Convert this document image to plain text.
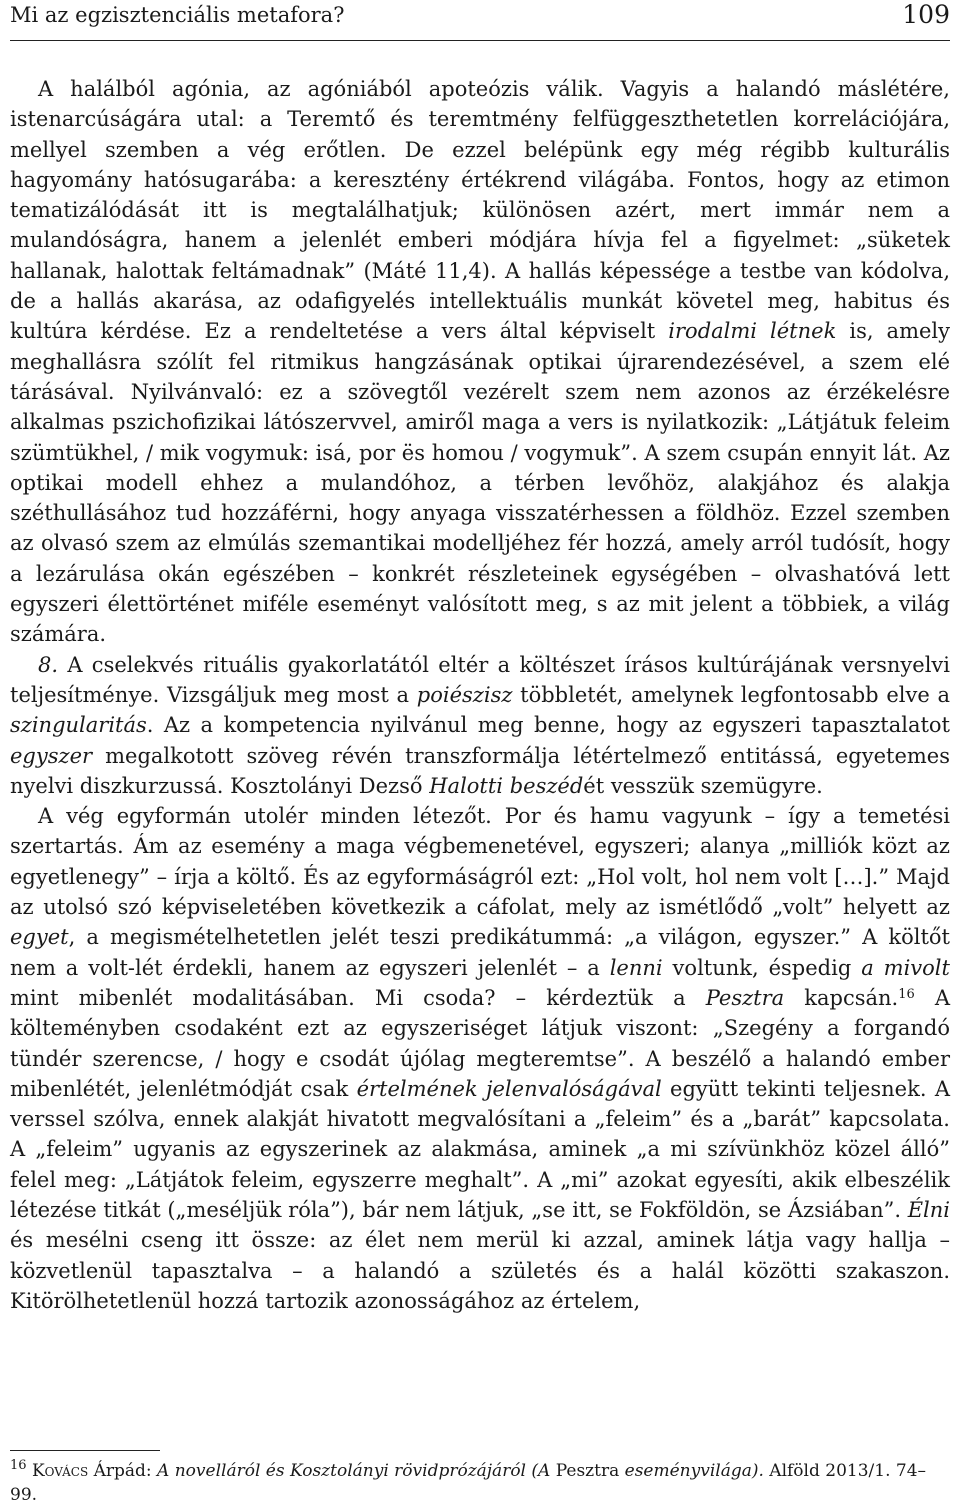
Mi az egzisztenciális metafora?	109

A halálból agónia, az agóniából apoteózis válik. Vagyis a halandó máslétére, istenarcúságára utal: a Teremtő és teremtmény felfüggeszthetetlen korrelációjára, mellyel szemben a vég erőtlen. De ezzel belépünk egy még régibb kulturális hagyomány hatósugarába: a keresztény értékrend világába. Fontos, hogy az etimon tematizálódását itt is megtalálhatjuk; különösen azért, mert immár nem a mulandóságra, hanem a jelenlét emberi módjára hívja fel a figyelmet: „süketek hallanak, halottak feltámadnak” (Máté 11,4). A hallás képessége a testbe van kódolva, de a hallás akarása, az odafigyelés intellektuális munkát követel meg, habitus és kultúra kérdése. Ez a rendeltetése a vers által képviselt irodalmi létnek is, amely meghallásra szólít fel ritmikus hangzásának optikai újrarendezésével, a szem elé tárásával. Nyilvánvaló: ez a szövegtől vezérelt szem nem azonos az érzékelésre alkalmas pszichofizikai látószervvel, amiről maga a vers is nyilatkozik: „Látjátuk feleim szümtükhel, / mik vogymuk: isá, por ës homou / vogymuk”. A szem csupán ennyit lát. Az optikai modell ehhez a mulandóhoz, a térben levőhöz, alakjához és alakja széthullásához tud hozzáférni, hogy anyaga visszatérhessen a földhöz. Ezzel szemben az olvasó szem az elmúlás szemantikai modelljéhez fér hozzá, amely arról tudósít, hogy a lezárulása okán egészében – konkrét részleteinek egységében – olvashatóvá lett egyszeri élettörténet miféle eseményt valósított meg, s az mit jelent a többiek, a világ számára.

8. A cselekvés rituális gyakorlatától eltér a költészet írásos kultúrájának versnyelvi teljesítménye. Vizsgáljuk meg most a poiészisz többletét, amelynek legfontosabb elve a szingularitás. Az a kompetencia nyilvánul meg benne, hogy az egyszeri tapasztalatot egyszer megalkotott szöveg révén transzformálja létértelmező entitássá, egyetemes nyelvi diszkurzussá. Kosztolányi Dezső Halotti beszédét vesszük szemügyre.

A vég egyformán utolér minden létezőt. Por és hamu vagyunk – így a temetési szertartás. Ám az esemény a maga végbemenetével, egyszeri; alanya „milliók közt az egyetlenegy” – írja a költő. És az egyformáságról ezt: „Hol volt, hol nem volt […].” Majd az utolsó szó képviseletében következik a cáfolat, mely az ismétlődő „volt” helyett az egyet, a megismételhetetlen jelét teszi predikátummá: „a világon, egyszer.” A költőt nem a volt-lét érdekli, hanem az egyszeri jelenlét – a lenni voltunk, éspedig a mivolt mint mibenlét modalitásában. Mi csoda? – kérdeztük a Pesztra kapcsán.$^{16}$ A költeményben csodaként ezt az egyszeriséget látjuk viszont: „Szegény a forgandó tündér szerencse, / hogy e csodát újólag megteremtse”. A beszélő a halandó ember mibenlétét, jelenlétmódját csak értelmének jelenvalóságával együtt tekinti teljesnek. A verssel szólva, ennek alakját hivatott megvalósítani a „feleim” és a „barát” kapcsolata. A „feleim” ugyanis az egyszerinek az alakmása, aminek „a mi szívünkhöz közel álló” felel meg: „Látjátok feleim, egyszerre meghalt”. A „mi” azokat egyesíti, akik elbeszélik létezése titkát („meséljük róla”), bár nem látjuk, „se itt, se Fokföldön, se Ázsiában”. Élni és mesélni cseng itt össze: az élet nem merül ki azzal, aminek látja vagy hallja – közvetlenül tapasztalva – a halandó a születés és a halál közötti szakaszon. Kitörölhetetlenül hozzá tartozik azonosságához az értelem,

$^{16}$ Kovács Árpád: A novelláról és Kosztolányi rövidprózájáról (A Pesztra eseményvilága). Alföld 2013/1. 74–99.
